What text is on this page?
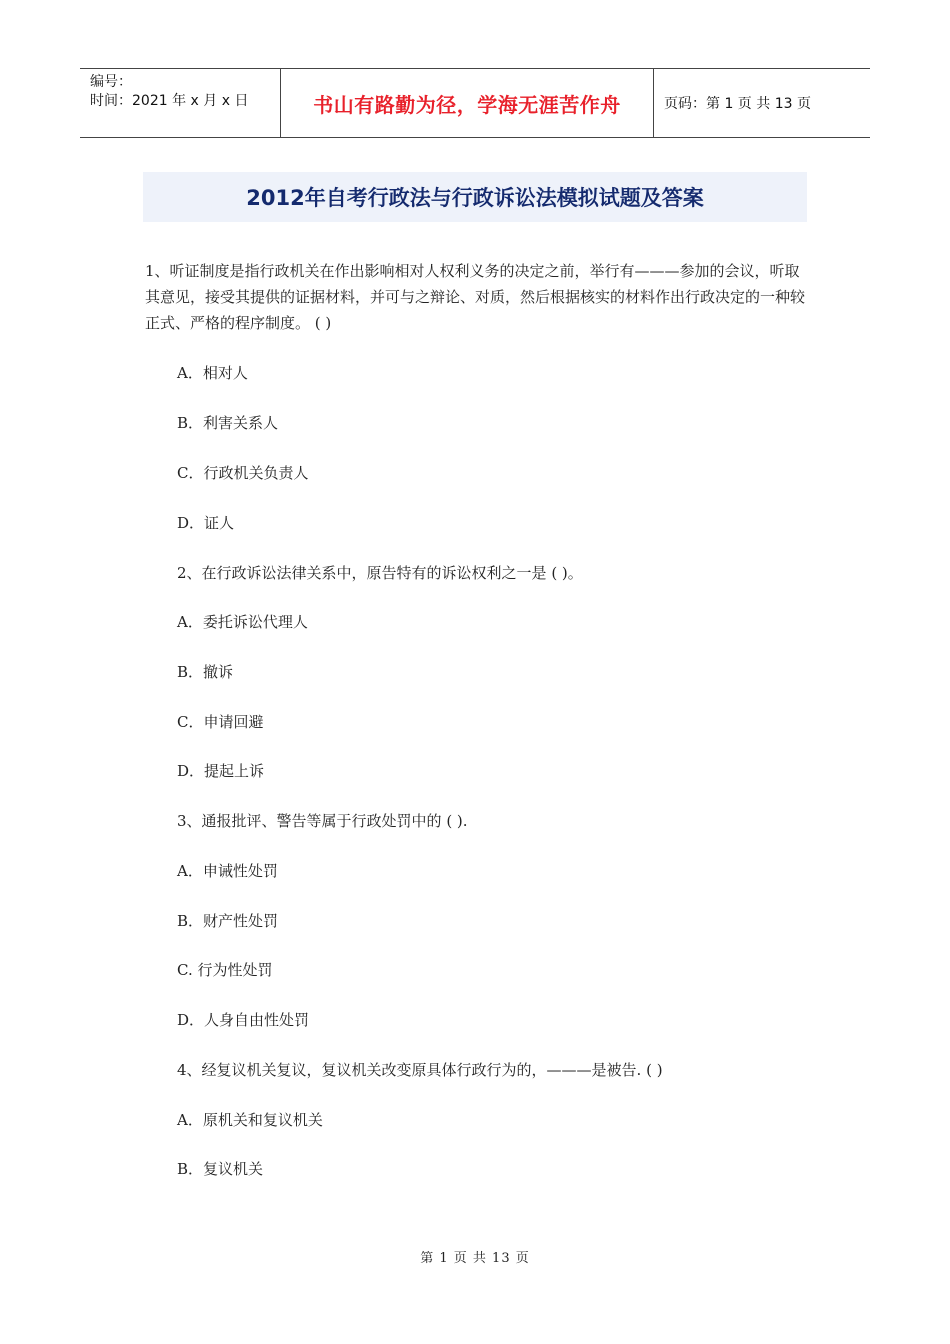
编号：
时间：2021 年 x 月 x 日	书山有路勤为径，学海无涯苦作舟	页码：第 1 页 共 13 页
2012年自考行政法与行政诉讼法模拟试题及答案

1、听证制度是指行政机关在作出影响相对人权利义务的决定之前，举行有———参加的会议，听取其意见，接受其提供的证据材料，并可与之辩论、对质，然后根据核实的材料作出行政决定的一种较正式、严格的程序制度。 ( )

A．相对人
B．利害关系人
C．行政机关负责人
D．证人
2、在行政诉讼法律关系中，原告特有的诉讼权利之一是 ( )。
A．委托诉讼代理人
B．撤诉
C．申请回避
D．提起上诉
3、通报批评、警告等属于行政处罚中的 ( ).
A．申诫性处罚
B．财产性处罚
C. 行为性处罚
D．人身自由性处罚
4、经复议机关复议，复议机关改变原具体行政行为的，———是被告. ( )
A．原机关和复议机关
B．复议机关
第 1 页 共 13 页
